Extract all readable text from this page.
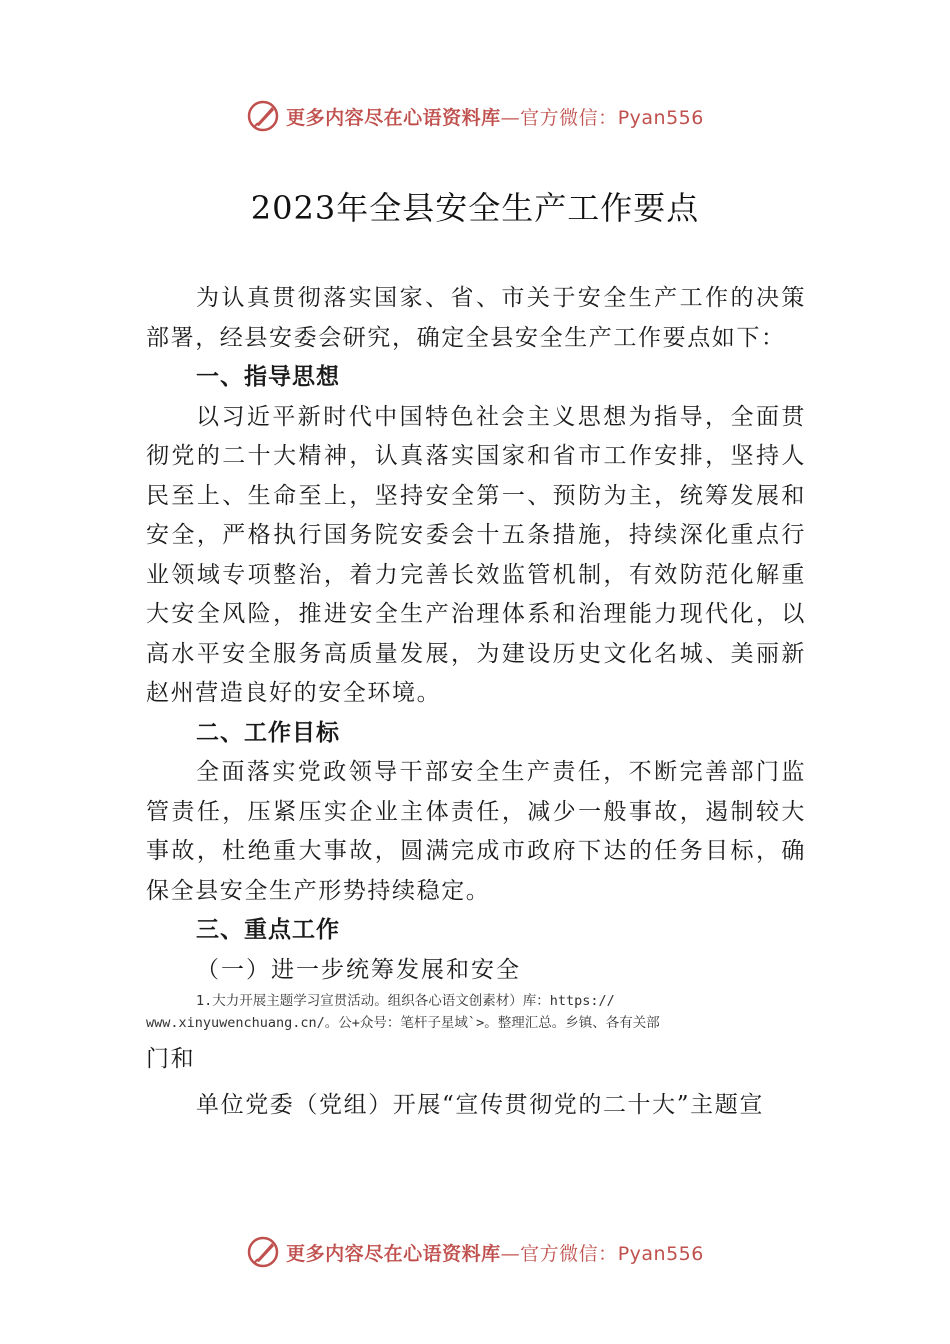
更多内容尽在心语资料库—官方微信：Pyan556
2023年全县安全生产工作要点

为认真贯彻落实国家、省、市关于安全生产工作的决策部署，经县安委会研究，确定全县安全生产工作要点如下：

一、指导思想

以习近平新时代中国特色社会主义思想为指导，全面贯彻党的二十大精神，认真落实国家和省市工作安排，坚持人民至上、生命至上，坚持安全第一、预防为主，统筹发展和安全，严格执行国务院安委会十五条措施，持续深化重点行业领域专项整治，着力完善长效监管机制，有效防范化解重大安全风险，推进安全生产治理体系和治理能力现代化，以高水平安全服务高质量发展，为建设历史文化名城、美丽新赵州营造良好的安全环境。

二、工作目标

全面落实党政领导干部安全生产责任，不断完善部门监管责任，压紧压实企业主体责任，减少一般事故，遏制较大事故，杜绝重大事故，圆满完成市政府下达的任务目标，确保全县安全生产形势持续稳定。

三、重点工作

（一）进一步统筹发展和安全

1.大力开展主题学习宣贯活动。组织各心语文创素材）库：https://
www.xinyuwenchuang.cn/。公+众号：笔杆子星域`>。整理汇总。乡镇、各有关部

门和

单位党委（党组）开展“宣传贯彻党的二十大”主题宣

更多内容尽在心语资料库—官方微信：Pyan556
